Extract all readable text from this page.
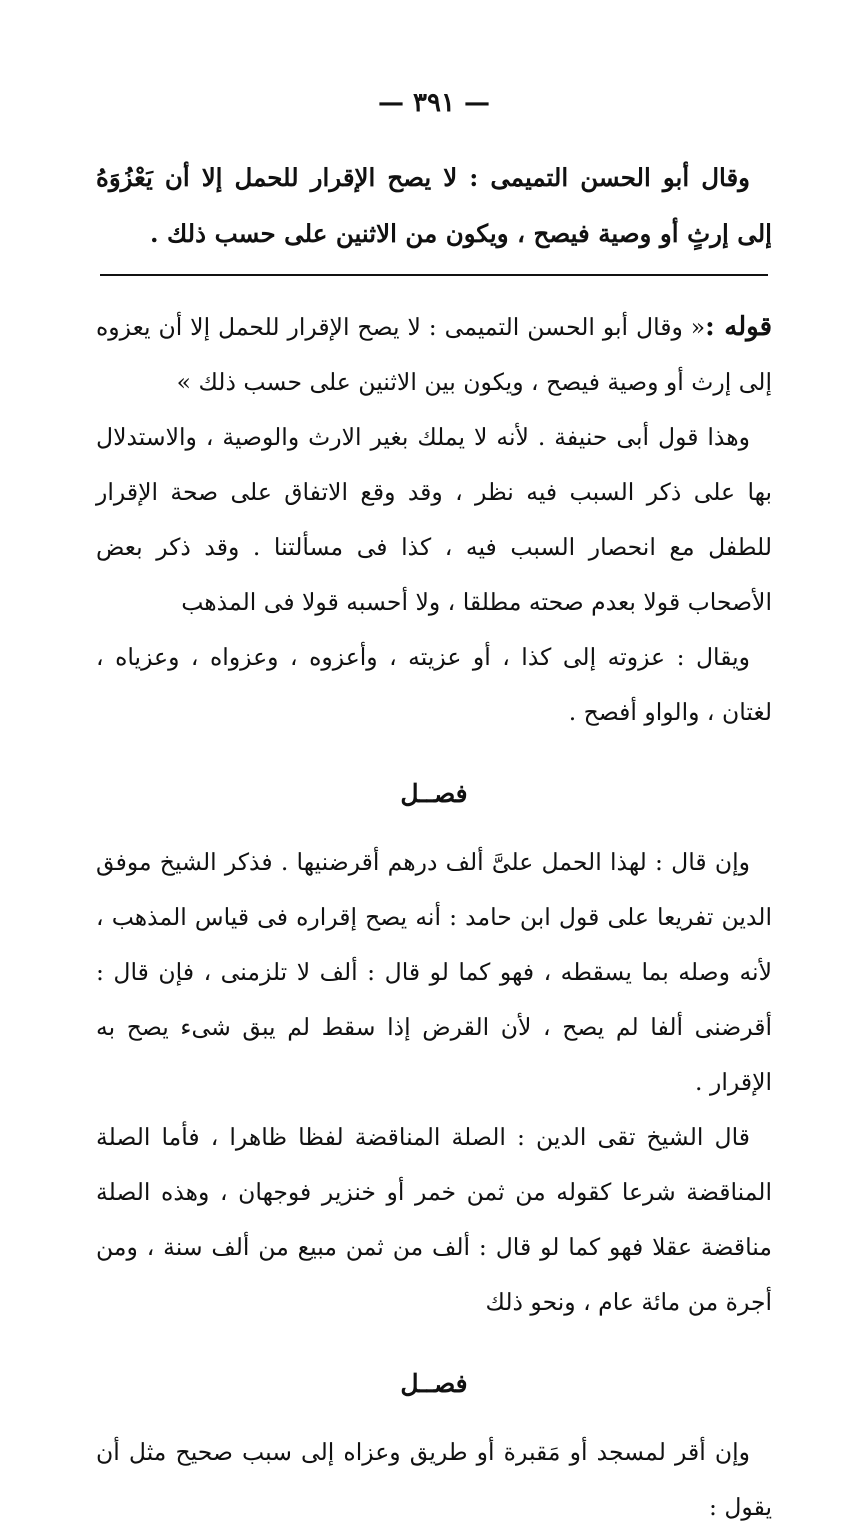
— ٣٩١ —

وقال أبو الحسن التميمى : لا يصح الإقرار للحمل إلا أن يَعْزُوَهُ إلى إرثٍ أو وصية فيصح ، ويكون من الاثنين على حسب ذلك .

قوله :« وقال أبو الحسن التميمى : لا يصح الإقرار للحمل إلا أن يعزوه إلى إرث أو وصية فيصح ، ويكون بين الاثنين على حسب ذلك »

وهذا قول أبى حنيفة . لأنه لا يملك بغير الارث والوصية ، والاستدلال بها على ذكر السبب فيه نظر ، وقد وقع الاتفاق على صحة الإقرار للطفل مع انحصار السبب فيه ، كذا فى مسألتنا . وقد ذكر بعض الأصحاب قولا بعدم صحته مطلقا ، ولا أحسبه قولا فى المذهب

ويقال : عزوته إلى كذا ، أو عزيته ، وأعزوه ، وعزواه ، وعزياه ، لغتان ، والواو أفصح .

فصــل

وإن قال : لهذا الحمل علىَّ ألف درهم أقرضنيها . فذكر الشيخ موفق الدين تفريعا على قول ابن حامد : أنه يصح إقراره فى قياس المذهب ، لأنه وصله بما يسقطه ، فهو كما لو قال : ألف لا تلزمنى ، فإن قال : أقرضنى ألفا لم يصح ، لأن القرض إذا سقط لم يبق شىء يصح به الإقرار .

قال الشيخ تقى الدين : الصلة المناقضة لفظا ظاهرا ، فأما الصلة المناقضة شرعا كقوله من ثمن خمر أو خنزير فوجهان ، وهذه الصلة مناقضة عقلا فهو كما لو قال : ألف من ثمن مبيع من ألف سنة ، ومن أجرة من مائة عام ، ونحو ذلك

فصــل

وإن أقر لمسجد أو مَقبرة أو طريق وعزاه إلى سبب صحيح مثل أن يقول :
